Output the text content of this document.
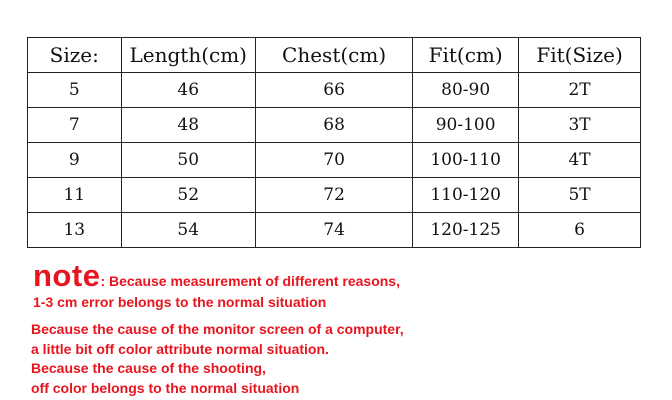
Size:	Length(cm)	Chest(cm)	Fit(cm)	Fit(Size)
5	46	66	80-90	2T
7	48	68	90-100	3T
9	50	70	100-110	4T
11	52	72	110-120	5T
13	54	74	120-125	6
note: Because measurement of different reasons,
1-3 cm error belongs to the normal situation
Because the cause of the monitor screen of a computer,
a little bit off color attribute normal situation.
Because the cause of the shooting,
off color belongs to the normal situation
